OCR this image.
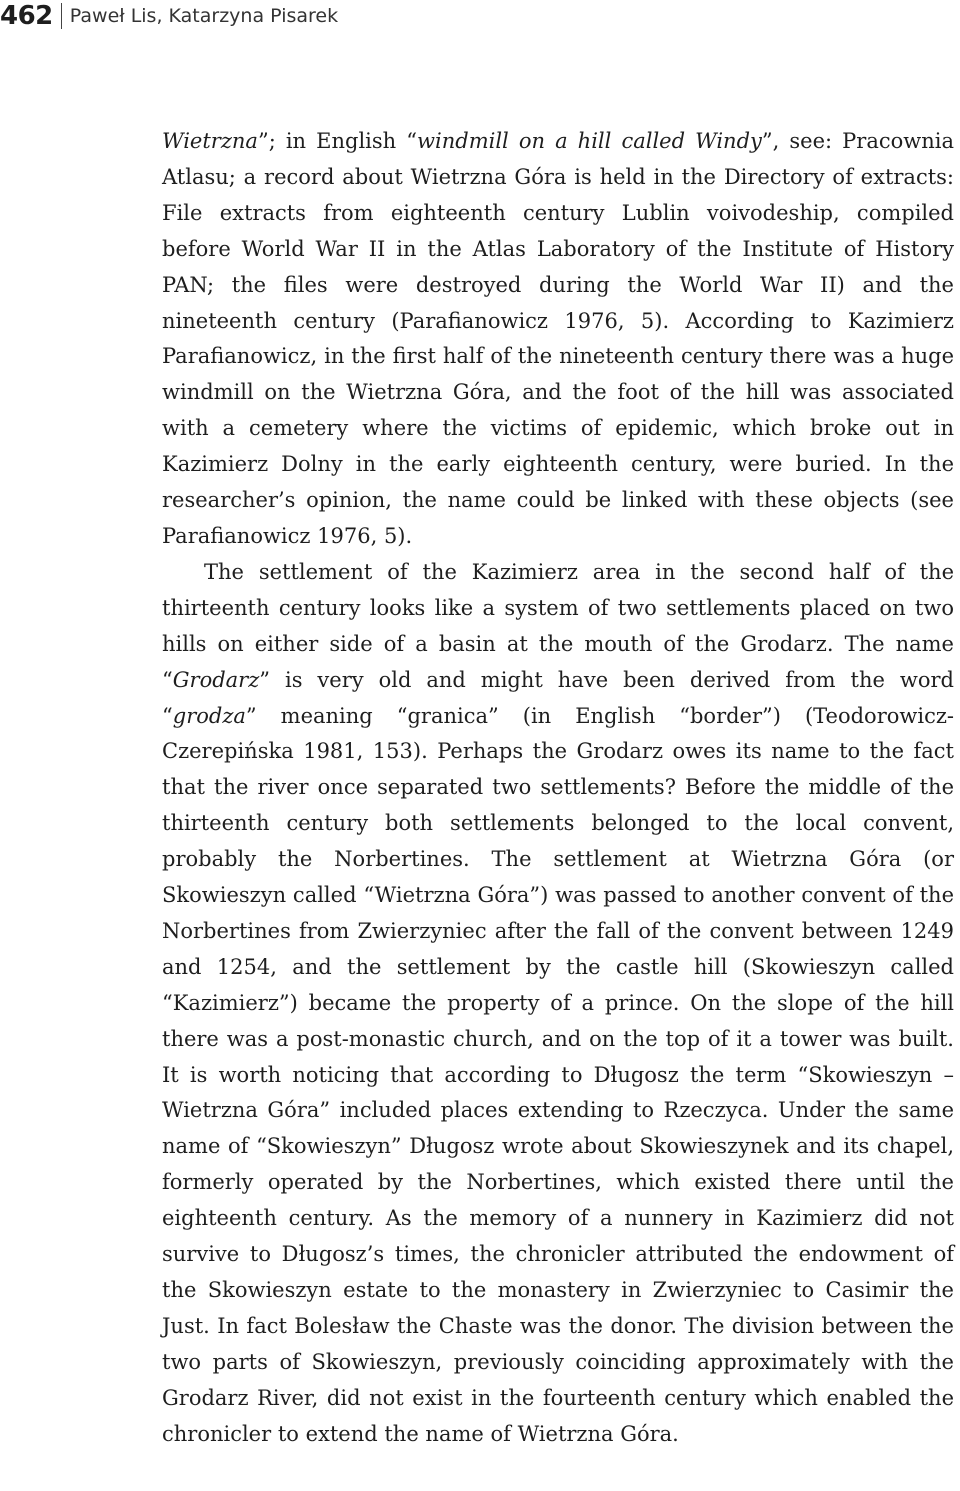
462 Paweł Lis, Katarzyna Pisarek

Wietrzna”; in English “windmill on a hill called Windy”, see: Pracownia Atlasu; a record about Wietrzna Góra is held in the Directory of extracts: File extracts from eighteenth century Lublin voivodeship, compiled before World War II in the Atlas Laboratory of the Institute of History PAN; the files were destroyed during the World War II) and the nineteenth century (Parafianowicz 1976, 5). According to Kazimierz Parafianowicz, in the first half of the nineteenth century there was a huge windmill on the Wietrzna Góra, and the foot of the hill was associated with a cemetery where the victims of epidemic, which broke out in Kazimierz Dolny in the early eighteenth century, were buried. In the researcher’s opinion, the name could be linked with these objects (see Parafianowicz 1976, 5).

The settlement of the Kazimierz area in the second half of the thirteenth century looks like a system of two settlements placed on two hills on either side of a basin at the mouth of the Grodarz. The name “Grodarz” is very old and might have been derived from the word “grodza” meaning “granica” (in English “border”) (Teodorowicz-Czerepińska 1981, 153). Perhaps the Grodarz owes its name to the fact that the river once separated two settlements? Before the middle of the thirteenth century both settlements belonged to the local convent, probably the Norbertines. The settlement at Wietrzna Góra (or Skowieszyn called “Wietrzna Góra”) was passed to another convent of the Norbertines from Zwierzyniec after the fall of the convent between 1249 and 1254, and the settlement by the castle hill (Skowieszyn called “Kazimierz”) became the property of a prince. On the slope of the hill there was a post-monastic church, and on the top of it a tower was built. It is worth noticing that according to Długosz the term “Skowieszyn – Wietrzna Góra” included places extending to Rzeczyca. Under the same name of “Skowieszyn” Długosz wrote about Skowieszynek and its chapel, formerly operated by the Norbertines, which existed there until the eighteenth century. As the memory of a nunnery in Kazimierz did not survive to Długosz’s times, the chronicler attributed the endowment of the Skowieszyn estate to the monastery in Zwierzyniec to Casimir the Just. In fact Bolesław the Chaste was the donor. The division between the two parts of Skowieszyn, previously coinciding approximately with the Grodarz River, did not exist in the fourteenth century which enabled the chronicler to extend the name of Wietrzna Góra.
